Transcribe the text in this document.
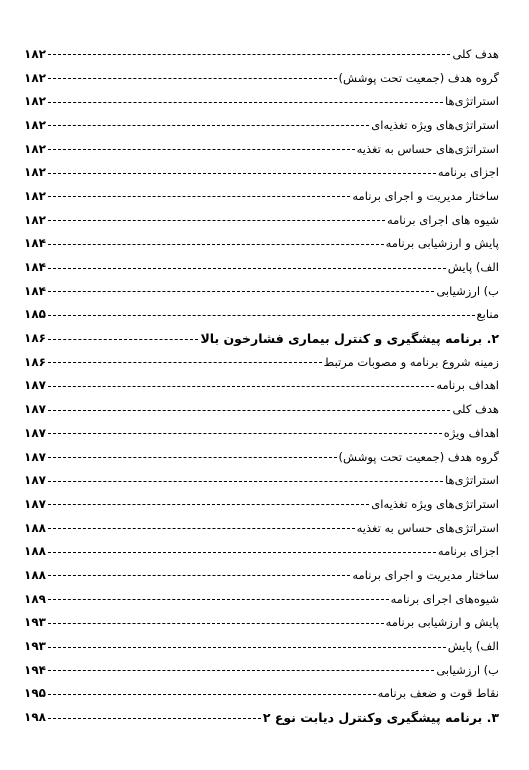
۱۸۲	هدف کلی
۱۸۲	گروه هدف (جمعیت تحت پوشش)
۱۸۲	استراتژی‌ها
۱۸۲	استراتژی‌های ویژه تغذیه‌ای
۱۸۲	استراتژی‌های حساس به تغذیه
۱۸۲	اجزای برنامه
۱۸۲	ساختار مدیریت و اجرای برنامه
۱۸۲	شیوه های اجرای برنامه
۱۸۴	پایش و ارزشیابی برنامه
۱۸۴	الف) پایش
۱۸۴	ب) ارزشیابی
۱۸۵	منابع
۱۸۶	۲. برنامه پیشگیری و کنترل بیماری فشارخون بالا
۱۸۶	زمینه شروع برنامه و مصوبات مرتبط
۱۸۷	اهداف برنامه
۱۸۷	هدف کلی
۱۸۷	اهداف ویژه
۱۸۷	گروه هدف (جمعیت تحت پوشش)
۱۸۷	استراتژی‌ها
۱۸۷	استراتژی‌های ویژه تغذیه‌ای
۱۸۸	استراتژی‌های حساس به تغذیه
۱۸۸	اجزای برنامه
۱۸۸	ساختار مدیریت و اجرای برنامه
۱۸۹	شیوه‌های اجرای برنامه
۱۹۳	پایش و ارزشیابی برنامه
۱۹۳	الف) پایش
۱۹۴	ب) ارزشیابی
۱۹۵	نقاط قوت و ضعف برنامه
۱۹۸	۳. برنامه پیشگیری وکنترل دیابت نوع ۲
